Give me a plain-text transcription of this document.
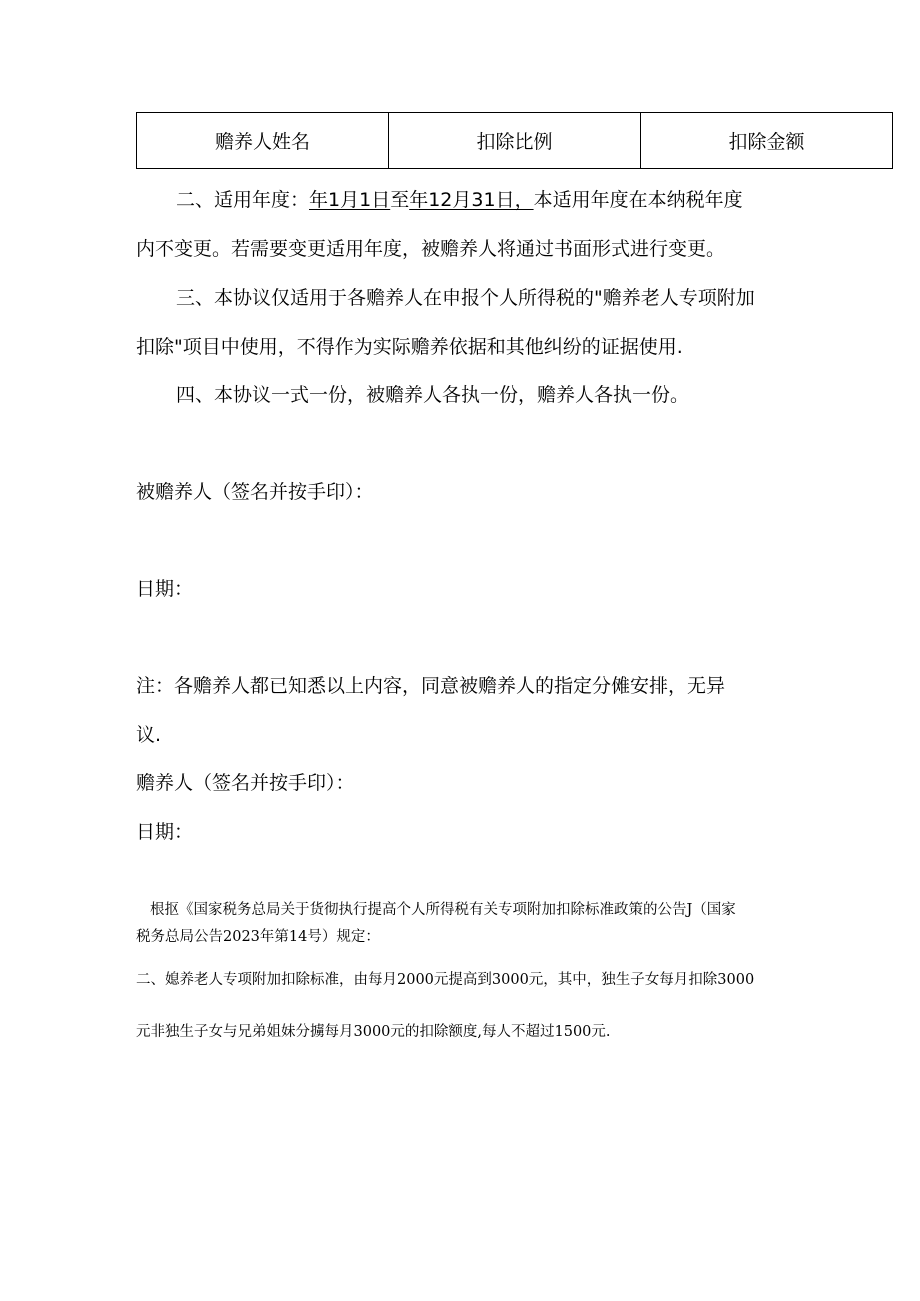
赡养人姓名	扣除比例	扣除金额
二、适用年度：年1月1日至年12月31日，本适用年度在本纳税年度
内不变更。若需要变更适用年度，被赡养人将通过书面形式进行变更。
三、本协议仅适用于各赡养人在申报个人所得税的"赡养老人专项附加
扣除"项目中使用，不得作为实际赡养依据和其他纠纷的证据使用.
四、本协议一式一份，被赡养人各执一份，赡养人各执一份。
被赡养人（签名并按手印）：
日期：
注：各赡养人都已知悉以上内容，同意被赡养人的指定分傩安排，无异
议.
赡养人（签名并按手印）：
日期：
根抠《国家税务总局关于货彻执行提高个人所得税有关专项附加扣除标准政策的公告J（国家
税务总局公告2023年第14号）规定：
二、媳养老人专项附加扣除标准，由每月2000元提高到3000元，其中，独生子女每月扣除3000
元非独生子女与兄弟姐妹分擄每月3000元的扣除额度,每人不超过1500元.
